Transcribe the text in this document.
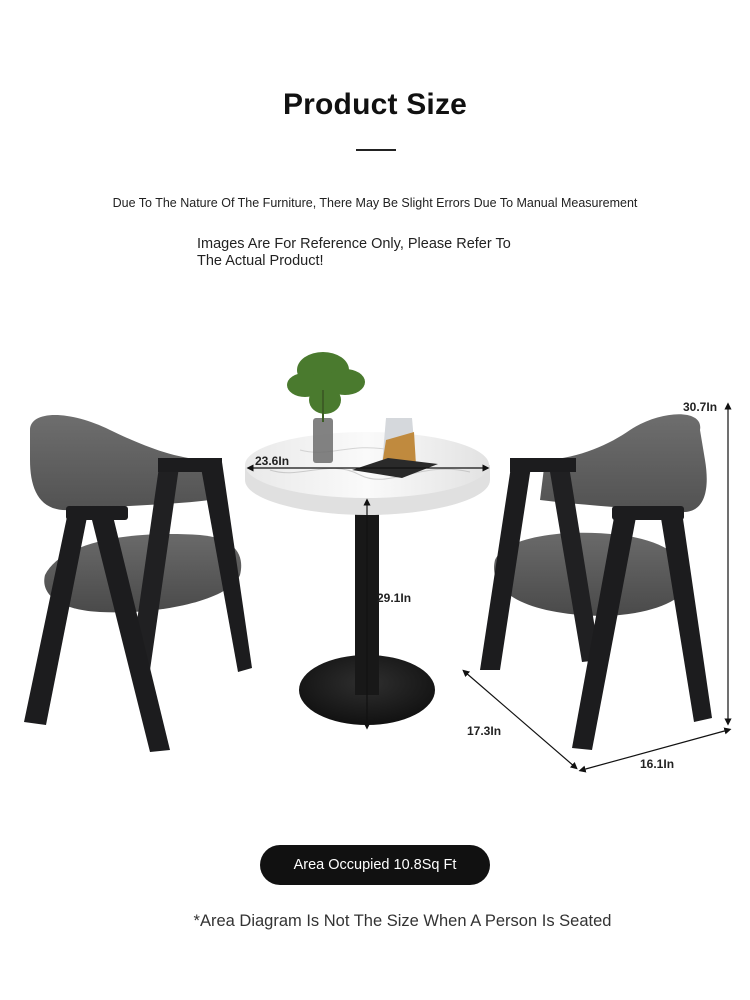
Product Size
Due To The Nature Of The Furniture, There May Be Slight Errors Due To Manual Measurement
Images Are For Reference Only, Please Refer To
The Actual Product!
23.6In
29.1In
30.7In
17.3In
16.1In
Area Occupied 10.8Sq Ft
*Area Diagram Is Not The Size When A Person Is Seated
